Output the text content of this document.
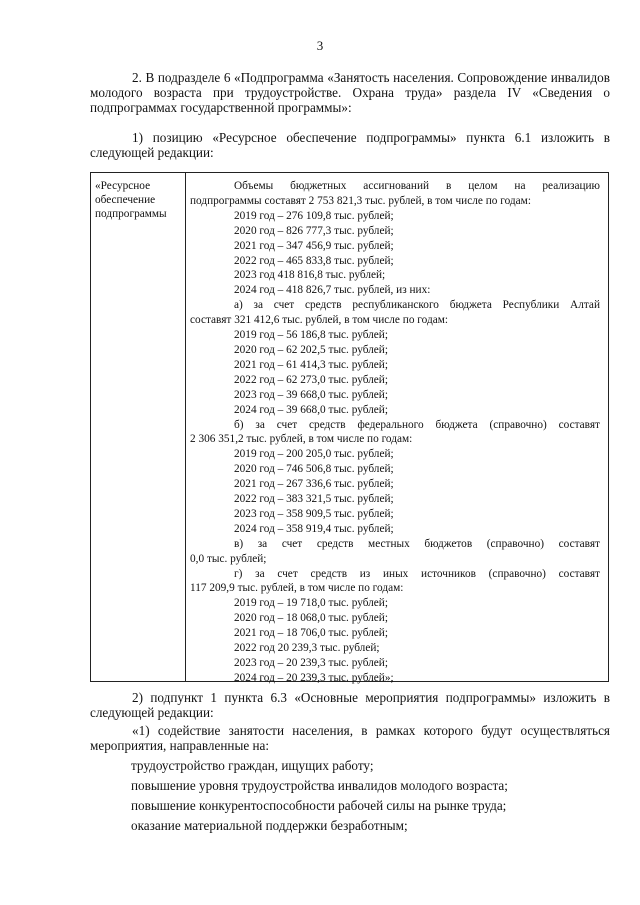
3

2. В подразделе 6 «Подпрограмма «Занятость населения. Сопровождение инвалидов молодого возраста при трудоустройстве. Охрана труда» раздела IV «Сведения о подпрограммах государственной программы»:

1) позицию «Ресурсное обеспечение подпрограммы» пункта 6.1 изложить в следующей редакции:

«Ресурсное
обеспечение
подпрограммы
Объемы бюджетных ассигнований в целом на реализацию
подпрограммы составят 2 753 821,3 тыс. рублей, в том числе по годам:
2019 год – 276 109,8 тыс. рублей;
2020 год – 826 777,3 тыс. рублей;
2021 год – 347 456,9 тыс. рублей;
2022 год – 465 833,8 тыс. рублей;
2023 год 418 816,8 тыс. рублей;
2024 год – 418 826,7 тыс. рублей, из них:
а) за счет средств республиканского бюджета Республики Алтай
составят 321 412,6 тыс. рублей, в том числе по годам:
2019 год – 56 186,8 тыс. рублей;
2020 год – 62 202,5 тыс. рублей;
2021 год – 61 414,3 тыс. рублей;
2022 год – 62 273,0 тыс. рублей;
2023 год – 39 668,0 тыс. рублей;
2024 год – 39 668,0 тыс. рублей;
б) за счет средств федерального бюджета (справочно) составят
2 306 351,2 тыс. рублей, в том числе по годам:
2019 год – 200 205,0 тыс. рублей;
2020 год – 746 506,8 тыс. рублей;
2021 год – 267 336,6 тыс. рублей;
2022 год – 383 321,5 тыс. рублей;
2023 год – 358 909,5 тыс. рублей;
2024 год – 358 919,4 тыс. рублей;
в) за счет средств местных бюджетов (справочно) составят
0,0 тыс. рублей;
г) за счет средств из иных источников (справочно) составят
117 209,9 тыс. рублей, в том числе по годам:
2019 год – 19 718,0 тыс. рублей;
2020 год – 18 068,0 тыс. рублей;
2021 год – 18 706,0 тыс. рублей;
2022 год 20 239,3 тыс. рублей;
2023 год – 20 239,3 тыс. рублей;
2024 год – 20 239,3 тыс. рублей»;

2) подпункт 1 пункта 6.3 «Основные мероприятия подпрограммы» изложить в следующей редакции:

«1) содействие занятости населения, в рамках которого будут осуществляться мероприятия, направленные на:

трудоустройство граждан, ищущих работу;
повышение уровня трудоустройства инвалидов молодого возраста;
повышение конкурентоспособности рабочей силы на рынке труда;
оказание материальной поддержки безработным;
